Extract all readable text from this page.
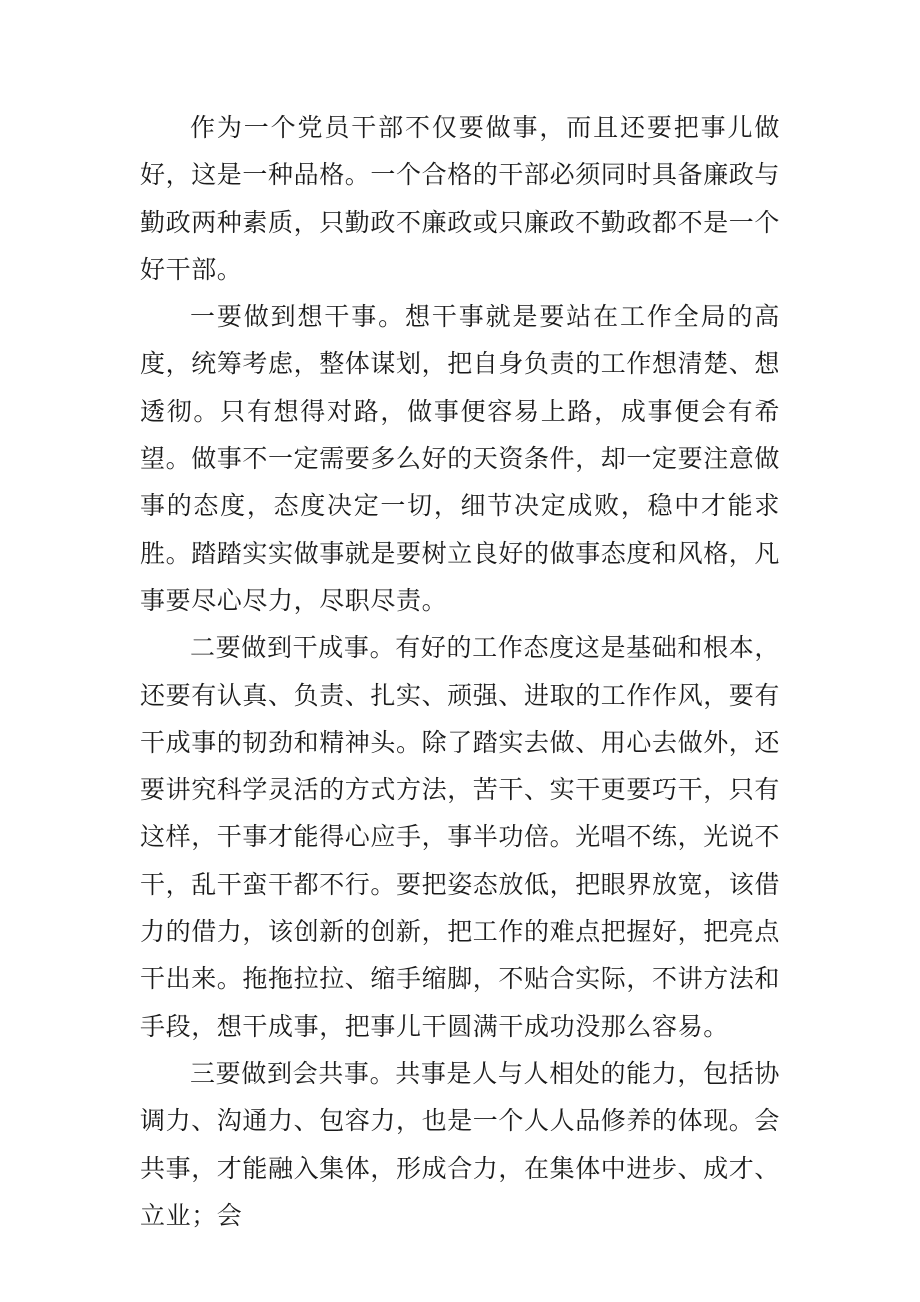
作为一个党员干部不仅要做事，而且还要把事儿做好，这是一种品格。一个合格的干部必须同时具备廉政与勤政两种素质，只勤政不廉政或只廉政不勤政都不是一个好干部。

一要做到想干事。想干事就是要站在工作全局的高度，统筹考虑，整体谋划，把自身负责的工作想清楚、想透彻。只有想得对路，做事便容易上路，成事便会有希望。做事不一定需要多么好的天资条件，却一定要注意做事的态度，态度决定一切，细节决定成败，稳中才能求胜。踏踏实实做事就是要树立良好的做事态度和风格，凡事要尽心尽力，尽职尽责。

二要做到干成事。有好的工作态度这是基础和根本，还要有认真、负责、扎实、顽强、进取的工作作风，要有干成事的韧劲和精神头。除了踏实去做、用心去做外，还要讲究科学灵活的方式方法，苦干、实干更要巧干，只有这样，干事才能得心应手，事半功倍。光唱不练，光说不干，乱干蛮干都不行。要把姿态放低，把眼界放宽，该借力的借力，该创新的创新，把工作的难点把握好，把亮点干出来。拖拖拉拉、缩手缩脚，不贴合实际，不讲方法和手段，想干成事，把事儿干圆满干成功没那么容易。

三要做到会共事。共事是人与人相处的能力，包括协调力、沟通力、包容力，也是一个人人品修养的体现。会共事，才能融入集体，形成合力，在集体中进步、成才、立业；会
